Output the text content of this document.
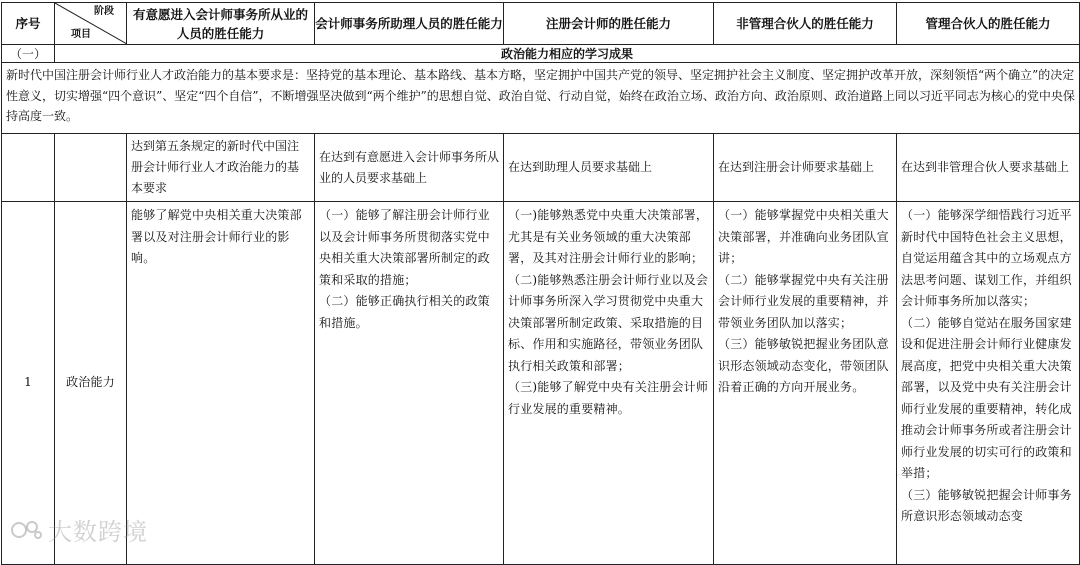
序号	阶段
项目	有意愿进入会计师事务所从业的人员的胜任能力	会计师事务所助理人员的胜任能力	注册会计师的胜任能力	非管理合伙人的胜任能力	管理合伙人的胜任能力
（一）	政治能力相应的学习成果					
新时代中国注册会计师行业人才政治能力的基本要求是：坚持党的基本理论、基本路线、基本方略，坚定拥护中国共产党的领导、坚定拥护社会主义制度、坚定拥护改革开放，深刻领悟“两个确立”的决定性意义，切实增强“四个意识”、坚定“四个自信”，不断增强坚决做到“两个维护”的思想自觉、政治自觉、行动自觉，始终在政治立场、政治方向、政治原则、政治道路上同以习近平同志为核心的党中央保持高度一致。						
		达到第五条规定的新时代中国注册会计师行业人才政治能力的基本要求	在达到有意愿进入会计师事务所从业的人员要求基础上	在达到助理人员要求基础上	在达到注册会计师要求基础上	在达到非管理合伙人要求基础上
1	政治能力	能够了解党中央相关重大决策部署以及对注册会计师行业的影响。	（一）能够了解注册会计师行业以及会计师事务所贯彻落实党中央相关重大决策部署所制定的政策和采取的措施；
（二）能够正确执行相关的政策和措施。	（一)能够熟悉党中央重大决策部署，尤其是有关业务领域的重大决策部署，及其对注册会计师行业的影响；
（二)能够熟悉注册会计师行业以及会计师事务所深入学习贯彻党中央重大决策部署所制定政策、采取措施的目标、作用和实施路径，带领业务团队执行相关政策和部署；
（三)能够了解党中央有关注册会计师行业发展的重要精神。	（一）能够掌握党中央相关重大决策部署，并准确向业务团队宣讲；
（二）能够掌握党中央有关注册会计师行业发展的重要精神，并带领业务团队加以落实；
（三）能够敏锐把握业务团队意识形态领域动态变化，带领团队沿着正确的方向开展业务。	（一）能够深学细悟践行习近平新时代中国特色社会主义思想，自觉运用蕴含其中的立场观点方法思考问题、谋划工作，并组织会计师事务所加以落实；
（二）能够自觉站在服务国家建设和促进注册会计师行业健康发展高度，把党中央相关重大决策部署，以及党中央有关注册会计师行业发展的重要精神，转化成推动会计师事务所或者注册会计师行业发展的切实可行的政策和举措；
（三）能够敏锐把握会计师事务所意识形态领域动态变
大数跨境
